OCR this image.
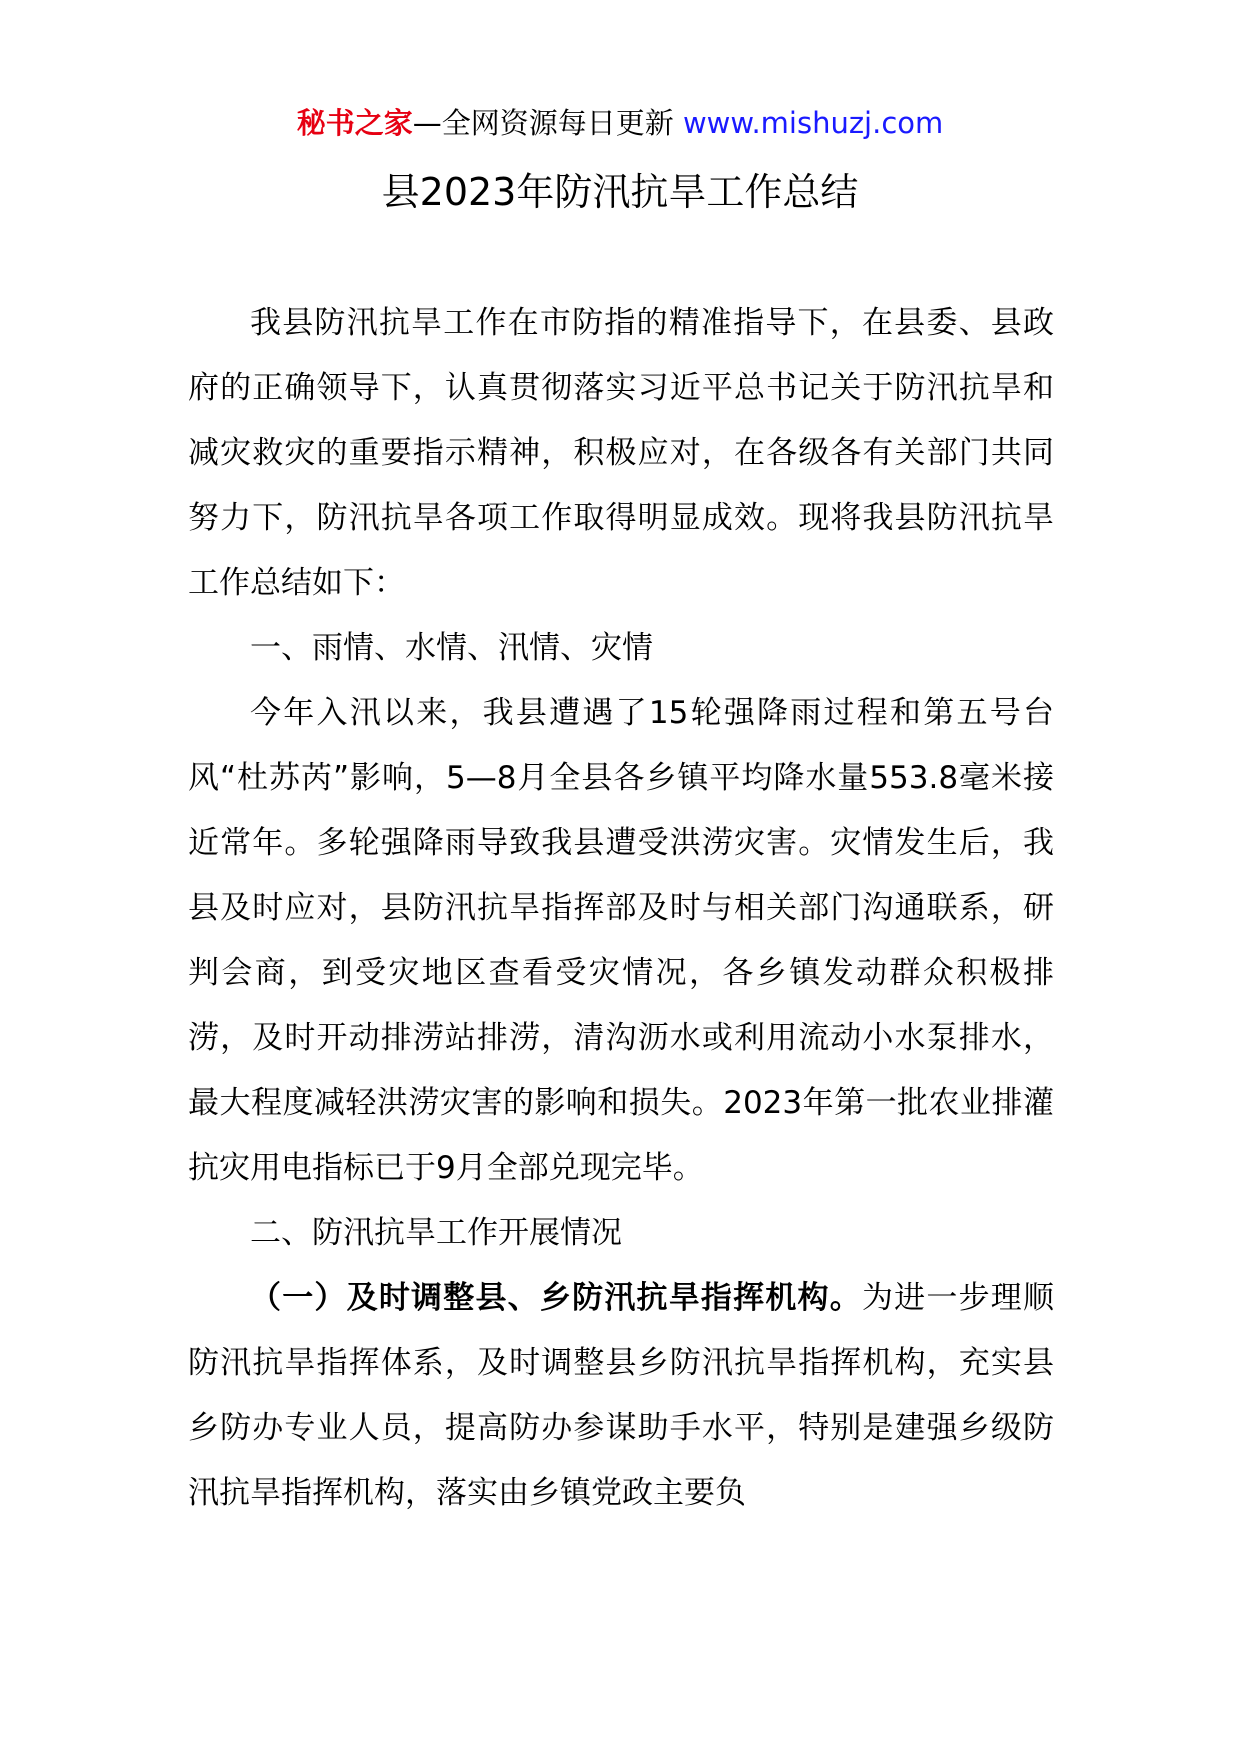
秘书之家—全网资源每日更新 www.mishuzj.com
县2023年防汛抗旱工作总结

我县防汛抗旱工作在市防指的精准指导下，在县委、县政府的正确领导下，认真贯彻落实习近平总书记关于防汛抗旱和减灾救灾的重要指示精神，积极应对，在各级各有关部门共同努力下，防汛抗旱各项工作取得明显成效。现将我县防汛抗旱工作总结如下：

一、雨情、水情、汛情、灾情

今年入汛以来，我县遭遇了15轮强降雨过程和第五号台风“杜苏芮”影响，5—8月全县各乡镇平均降水量553.8毫米接近常年。多轮强降雨导致我县遭受洪涝灾害。灾情发生后，我县及时应对，县防汛抗旱指挥部及时与相关部门沟通联系，研判会商，到受灾地区查看受灾情况，各乡镇发动群众积极排涝，及时开动排涝站排涝，清沟沥水或利用流动小水泵排水，最大程度减轻洪涝灾害的影响和损失。2023年第一批农业排灌抗灾用电指标已于9月全部兑现完毕。

二、防汛抗旱工作开展情况

（一）及时调整县、乡防汛抗旱指挥机构。为进一步理顺防汛抗旱指挥体系，及时调整县乡防汛抗旱指挥机构，充实县乡防办专业人员，提高防办参谋助手水平，特别是建强乡级防汛抗旱指挥机构，落实由乡镇党政主要负
